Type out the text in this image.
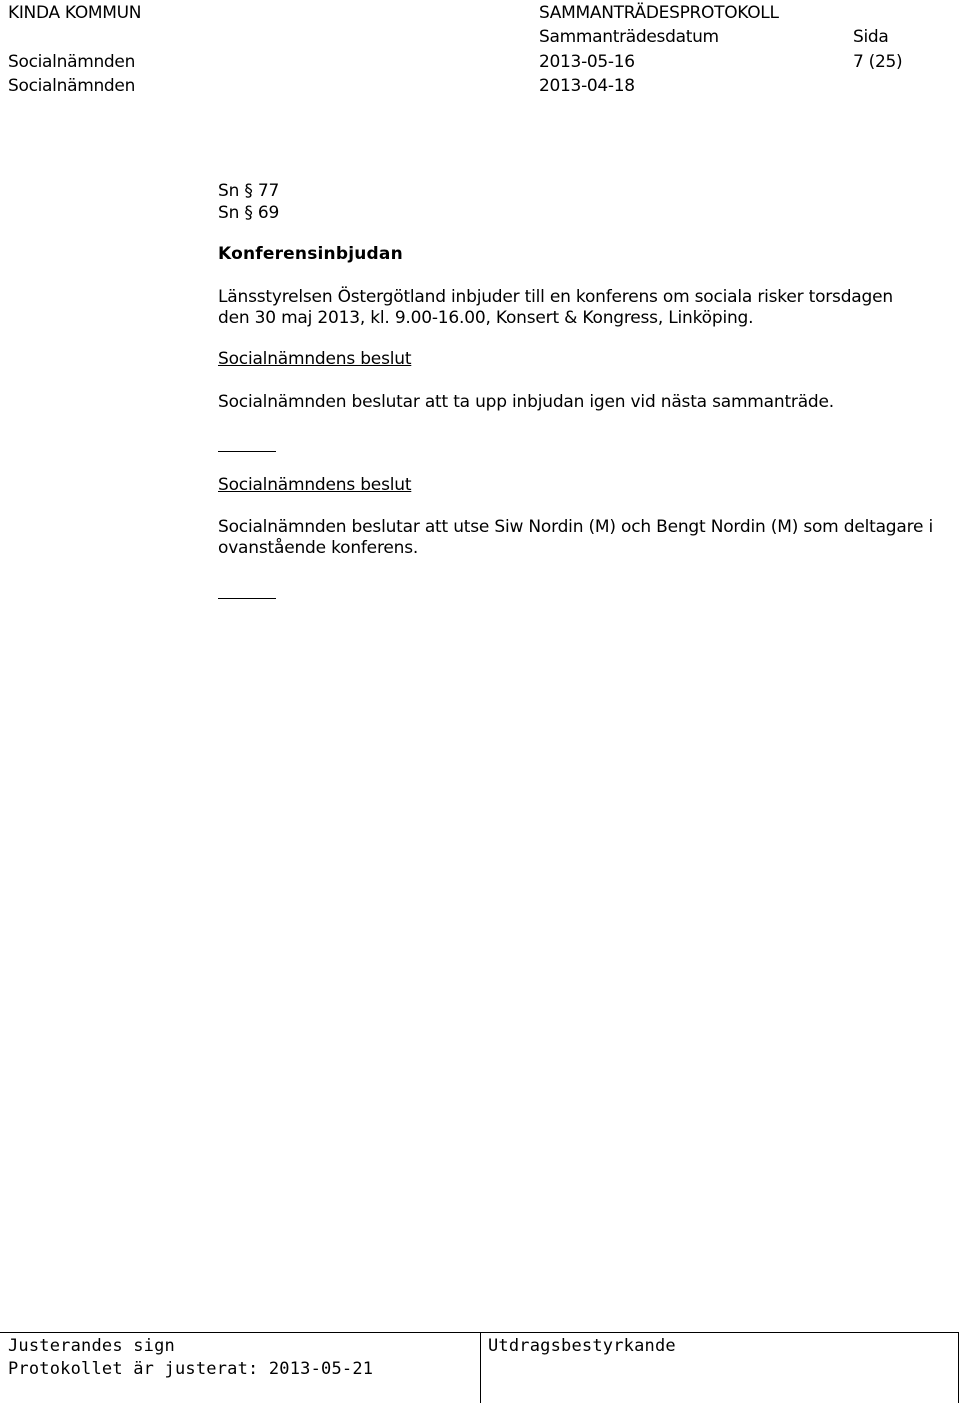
KINDA KOMMUN	SAMMANTRÄDESPROTOKOLL
Sammanträdesdatum	Sida
Socialnämnden	2013-05-16	7 (25)
Socialnämnden	2013-04-18
Sn § 77
Sn § 69
Konferensinbjudan
Länsstyrelsen Östergötland inbjuder till en konferens om sociala risker torsdagen
den 30 maj 2013, kl. 9.00-16.00, Konsert & Kongress, Linköping.
Socialnämndens beslut
Socialnämnden beslutar att ta upp inbjudan igen vid nästa sammanträde.
Socialnämndens beslut
Socialnämnden beslutar att utse Siw Nordin (M) och Bengt Nordin (M) som deltagare i
ovanstående konferens.
Justerandes sign
Protokollet är justerat: 2013-05-21
Utdragsbestyrkande
